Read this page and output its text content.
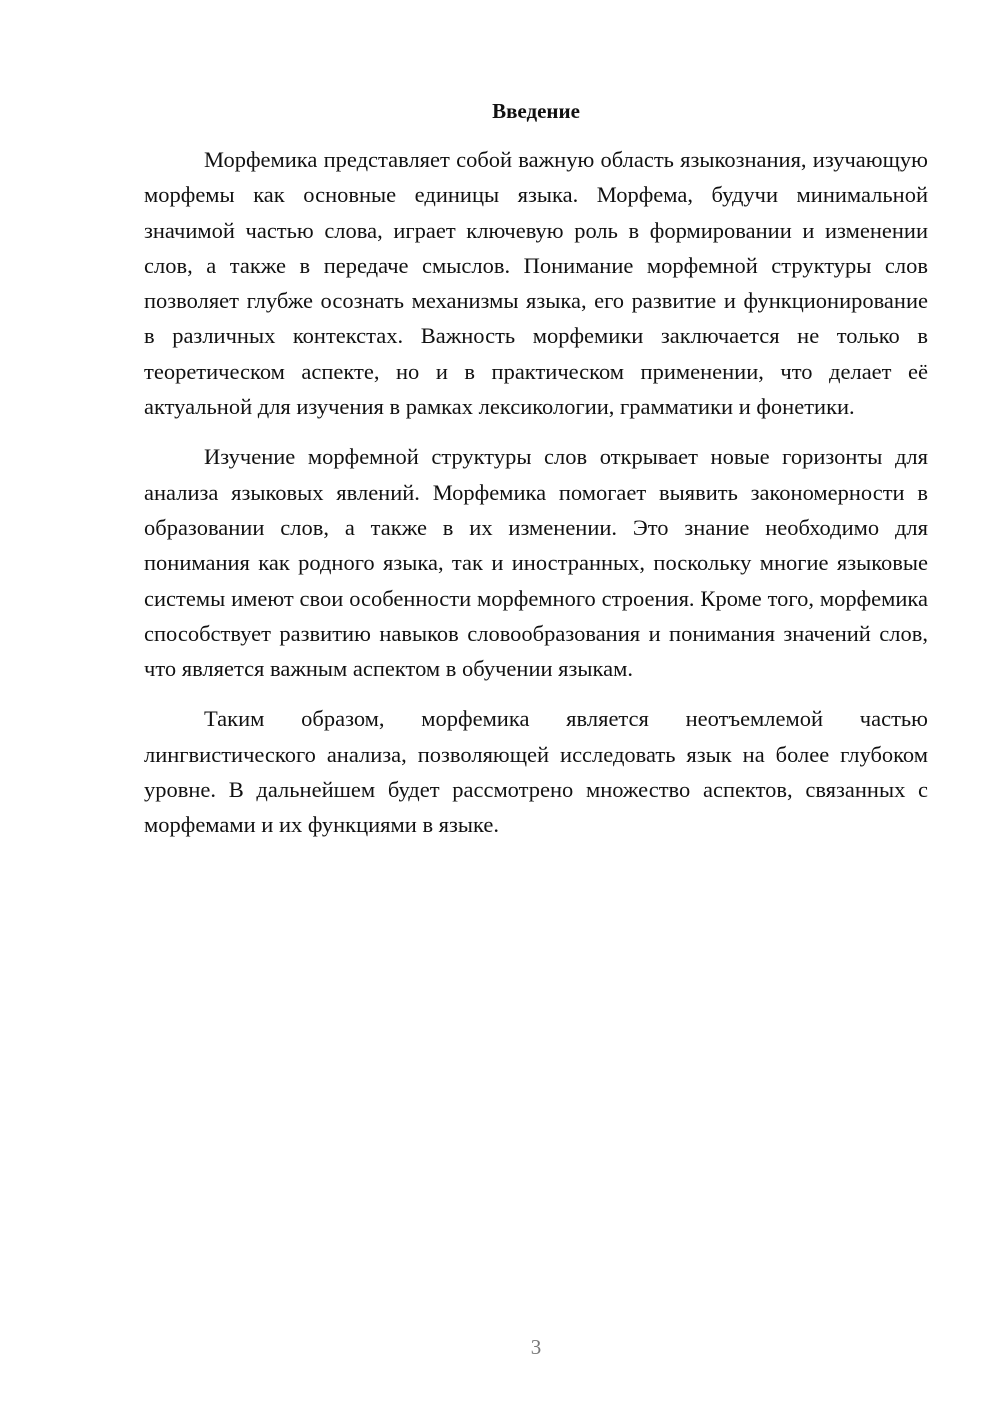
Введение

Морфемика представляет собой важную область языкознания, изучающую морфемы как основные единицы языка. Морфема, будучи минимальной значимой частью слова, играет ключевую роль в формировании и изменении слов, а также в передаче смыслов. Понимание морфемной структуры слов позволяет глубже осознать механизмы языка, его развитие и функционирование в различных контекстах. Важность морфемики заключается не только в теоретическом аспекте, но и в практическом применении, что делает её актуальной для изучения в рамках лексикологии, грамматики и фонетики.

Изучение морфемной структуры слов открывает новые горизонты для анализа языковых явлений. Морфемика помогает выявить закономерности в образовании слов, а также в их изменении. Это знание необходимо для понимания как родного языка, так и иностранных, поскольку многие языковые системы имеют свои особенности морфемного строения. Кроме того, морфемика способствует развитию навыков словообразования и понимания значений слов, что является важным аспектом в обучении языкам.

Таким образом, морфемика является неотъемлемой частью лингвистического анализа, позволяющей исследовать язык на более глубоком уровне. В дальнейшем будет рассмотрено множество аспектов, связанных с морфемами и их функциями в языке.

3
